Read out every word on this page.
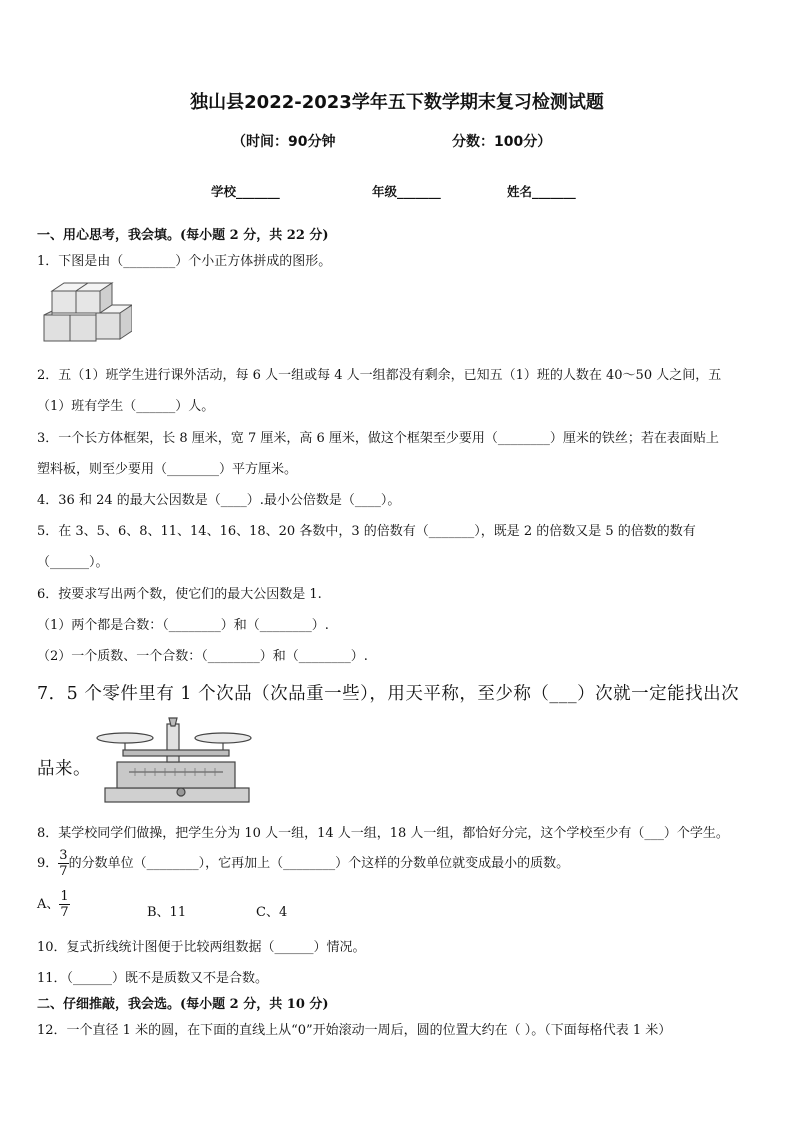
独山县2022-2023学年五下数学期末复习检测试题
（时间：90分钟	分数：100分）
学校_______	年级_______	姓名_______
一、用心思考，我会填。(每小题 2 分，共 22 分)
1．下图是由（________）个小正方体拼成的图形。
2．五（1）班学生进行课外活动，每 6 人一组或每 4 人一组都没有剩余，已知五（1）班的人数在 40～50 人之间，五
（1）班有学生（______）人。
3．一个长方体框架，长 8 厘米，宽 7 厘米，高 6 厘米，做这个框架至少要用（________）厘米的铁丝；若在表面贴上
塑料板，则至少要用（________）平方厘米。
4．36 和 24 的最大公因数是（____）.最小公倍数是（____）。
5．在 3、5、6、8、11、14、16、18、20 各数中，3 的倍数有（_______），既是 2 的倍数又是 5 的倍数的数有
（______）。
6．按要求写出两个数，使它们的最大公因数是 1.
（1）两个都是合数：（________）和（________）.
（2）一个质数、一个合数：（________）和（________）.
7．5 个零件里有 1 个次品（次品重一些），用天平称，至少称（___）次就一定能找出次
品来。
8．某学校同学们做操，把学生分为 10 人一组，14 人一组，18 人一组，都恰好分完，这个学校至少有（___）个学生。
9． $\frac{3}{7}$ 的分数单位（________），它再加上（________）个这样的分数单位就变成最小的质数。
A、 $\frac{1}{7}$	B、11	C、4
10．复式折线统计图便于比较两组数据（______）情况。
11．（______）既不是质数又不是合数。
二、仔细推敲，我会选。(每小题 2 分，共 10 分)
12．一个直径 1 米的圆，在下面的直线上从“0”开始滚动一周后，圆的位置大约在（ ）。（下面每格代表 1 米）
